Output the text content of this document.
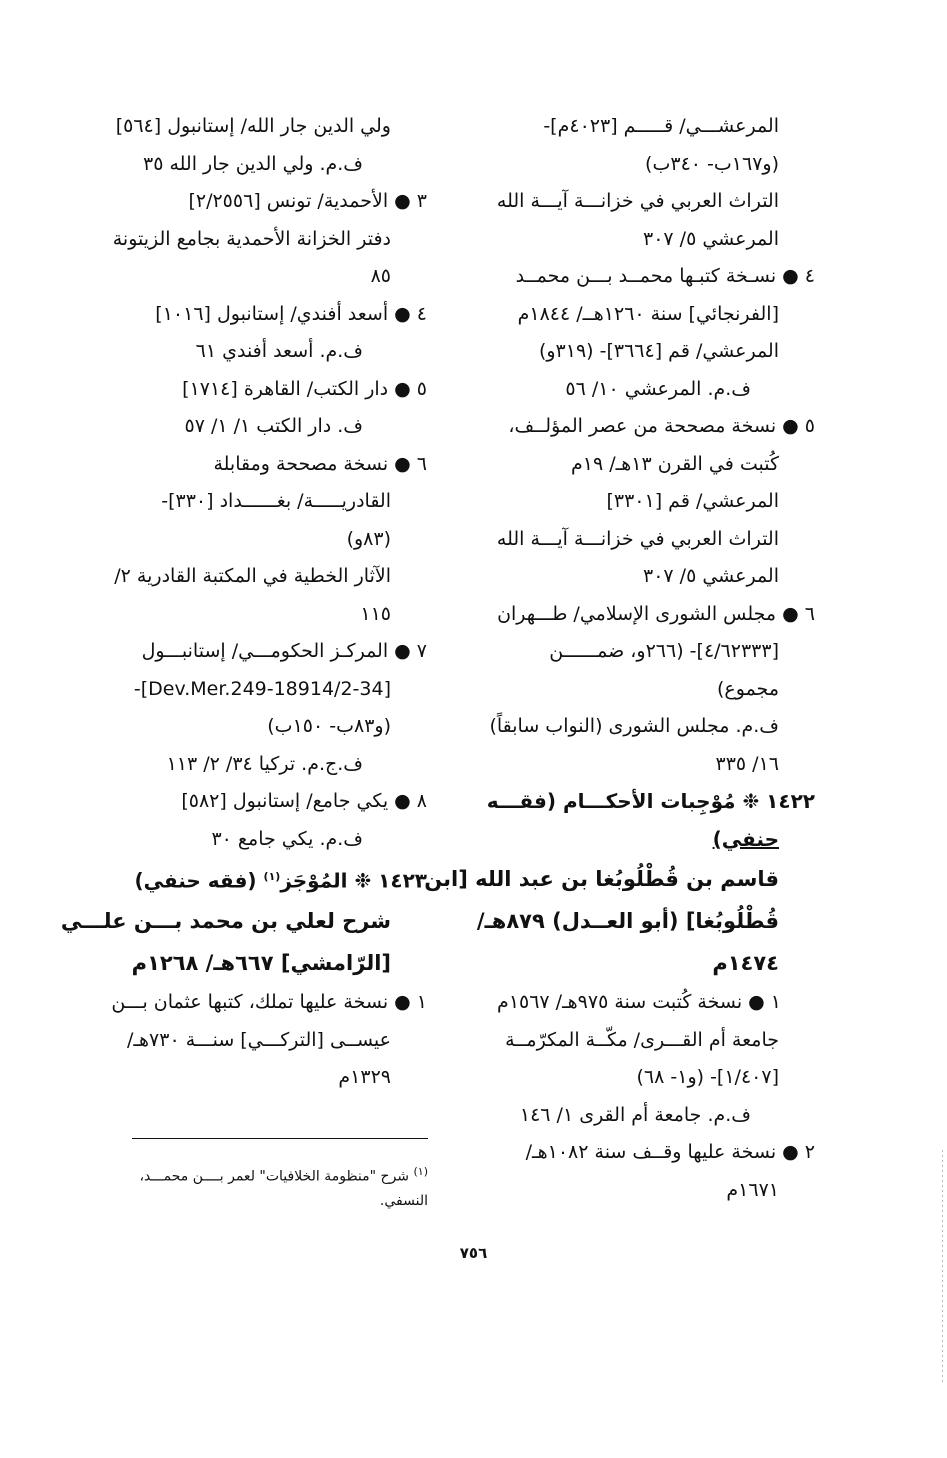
المرعشـــي/ قـــــم [٤٠٢٣م]-
(و١٦٧ب- ٣٤٠ب)
التراث العربي في خزانـــة آيـــة الله
المرعشي ٥/ ٣٠٧
٤ ● نسـخة كتبـها محمــد بـــن محمــد
[الفرنجائي] سنة ١٢٦٠هــ/ ١٨٤٤م
المرعشي/ قم [٣٦٦٤]- (٣١٩و)
ف.م. المرعشي ١٠/ ٥٦
٥ ● نسخة مصححة من عصر المؤلــف،
كُتبت في القرن ١٣هـ/ ١٩م
المرعشي/ قم [٣٣٠١]
التراث العربي في خزانـــة آيـــة الله
المرعشي ٥/ ٣٠٧
٦ ● مجلس الشورى الإسلامي/ طـــهران
[٤/٦٢٣٣٣]- (٢٦٦و، ضمــــــن
مجموع)
ف.م. مجلس الشورى (النواب سابقاً)
١٦/ ٣٣٥
١٤٢٢ ❉ مُوْجِبات الأحكـــام (فقـــه
حنفي)
قاسم بن قُطْلُوبُغا بن عبد الله [ابن
قُطْلُوبُغا] (أبو العــدل) ٨٧٩هـ/
١٤٧٤م
١ ● نسخة كُتبت سنة ٩٧٥هـ/ ١٥٦٧م
جامعة أم القـــرى/ مكّــة المكرّمــة
[١/٤٠٧]- (و١- ٦٨)
ف.م. جامعة أم القرى ١/ ١٤٦
٢ ● نسخة عليها وقــف سنة ١٠٨٢هـ/
١٦٧١م
ولي الدين جار الله/ إستانبول [٥٦٤]
ف.م. ولي الدين جار الله ٣٥
٣ ● الأحمدية/ تونس [٢/٢٥٥٦]
دفتر الخزانة الأحمدية بجامع الزيتونة
٨٥
٤ ● أسعد أفندي/ إستانبول [١٠١٦]
ف.م. أسعد أفندي ٦١
٥ ● دار الكتب/ القاهرة [١٧١٤]
ف. دار الكتب ١/ ١/ ٥٧
٦ ● نسخة مصححة ومقابلة
القادريـــــة/ بغــــــداد [٣٣٠]-
(٨٣و)
الآثار الخطية في المكتبة القادرية ٢/
١١٥
٧ ● المركـز الحكومـــي/ إستانبـــول
[34-Dev.Mer.249-18914/2]-
(و٨٣ب- ١٥٠ب)
ف.ج.م. تركيا ٣٤/ ٢/ ١١٣
٨ ● يكي جامع/ إستانبول [٥٨٢]
ف.م. يكي جامع ٣٠
١٤٢٣ ❉ المُوْجَز$^{(١)}$ (فقه حنفي)
شرح لعلي بن محمد بـــن علـــي
[الرّامشي] ٦٦٧هـ/ ١٢٦٨م
١ ● نسخة عليها تملك، كتبها عثمان بـــن
عيســى [التركـــي] سنـــة ٧٣٠هـ/
١٣٢٩م
$^{(١)}$ شرح "منظومة الخلافيات" لعمر بــــن محمـــد،
النسفي.
٧٥٦
